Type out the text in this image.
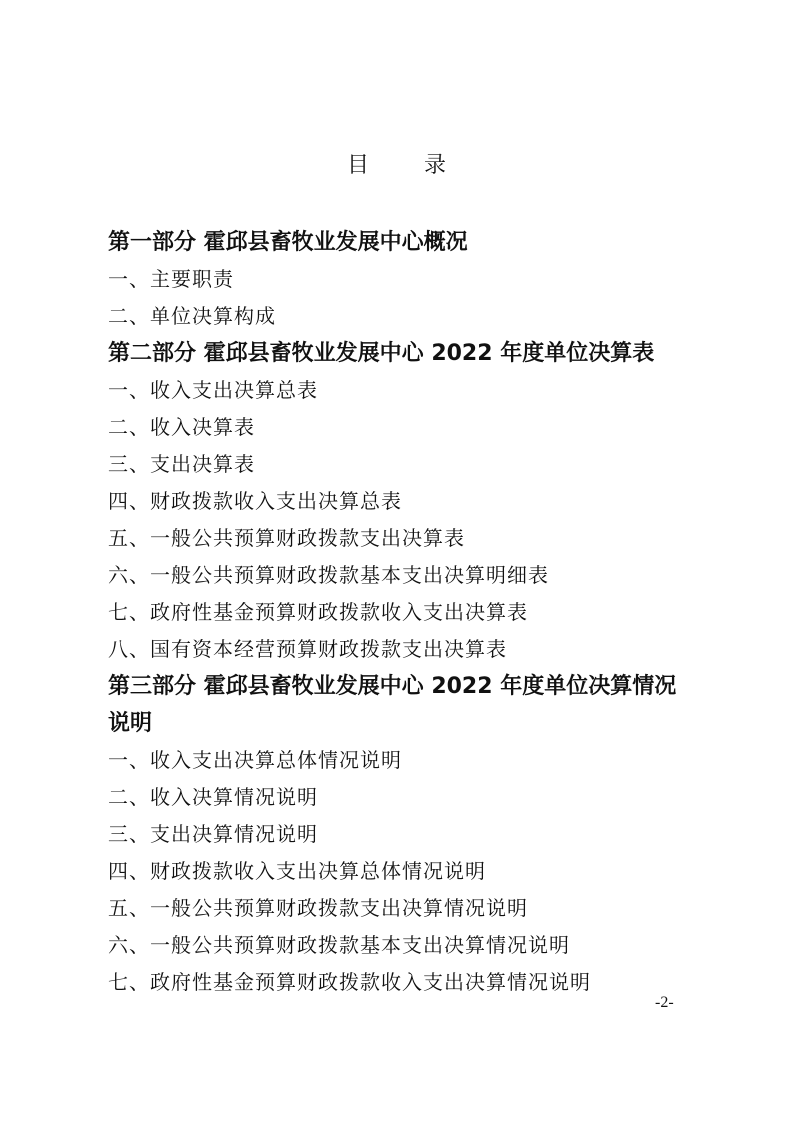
目 录
第一部分 霍邱县畜牧业发展中心概况
一、主要职责
二、单位决算构成
第二部分 霍邱县畜牧业发展中心 2022 年度单位决算表
一、收入支出决算总表
二、收入决算表
三、支出决算表
四、财政拨款收入支出决算总表
五、一般公共预算财政拨款支出决算表
六、一般公共预算财政拨款基本支出决算明细表
七、政府性基金预算财政拨款收入支出决算表
八、国有资本经营预算财政拨款支出决算表
第三部分 霍邱县畜牧业发展中心 2022 年度单位决算情况说明
一、收入支出决算总体情况说明
二、收入决算情况说明
三、支出决算情况说明
四、财政拨款收入支出决算总体情况说明
五、一般公共预算财政拨款支出决算情况说明
六、一般公共预算财政拨款基本支出决算情况说明
七、政府性基金预算财政拨款收入支出决算情况说明
-2-
